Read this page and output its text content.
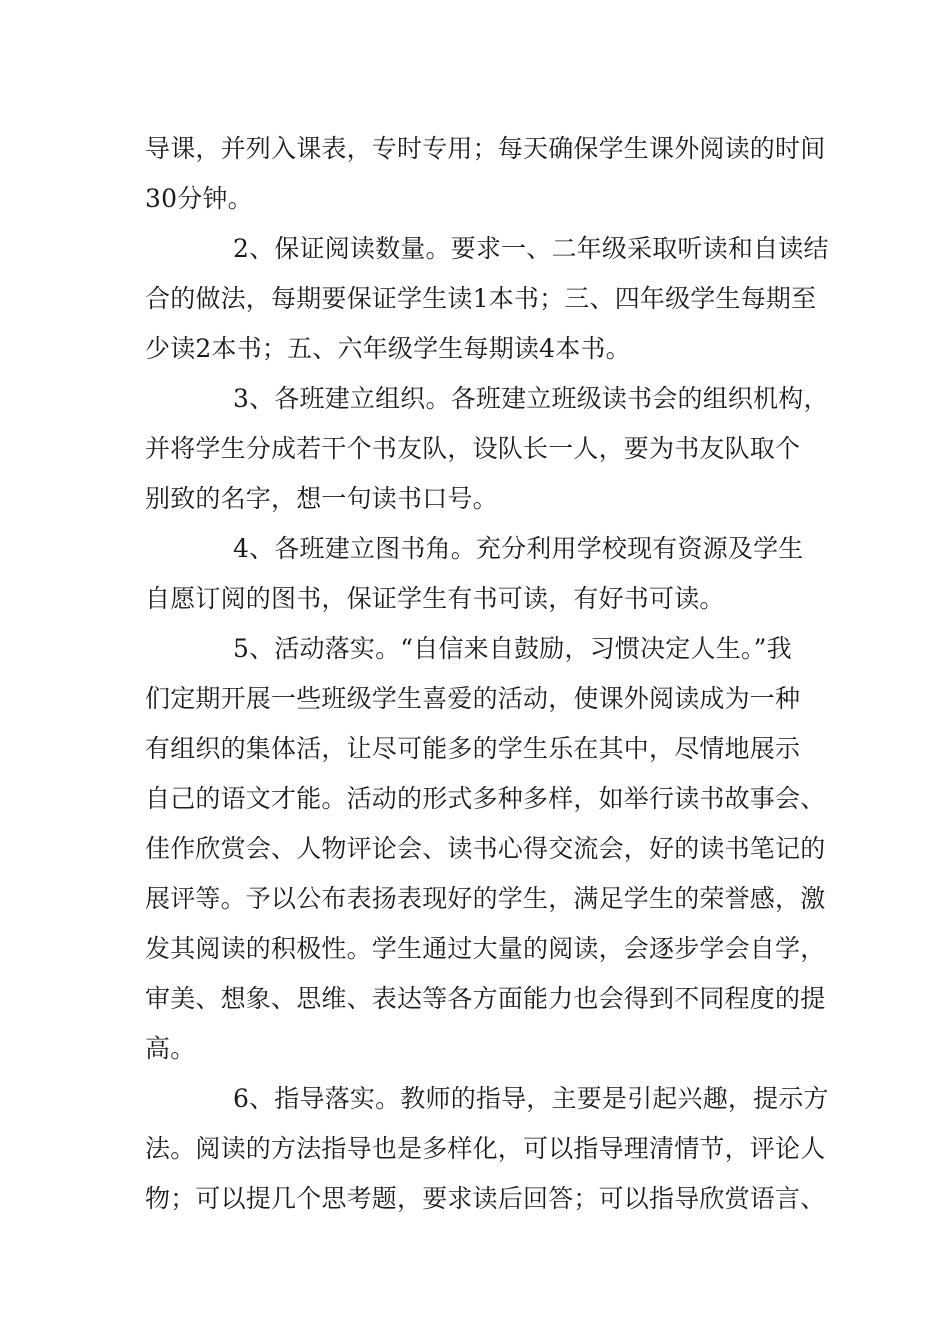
导课，并列入课表，专时专用；每天确保学生课外阅读的时间
30分钟。
2、保证阅读数量。要求一、二年级采取听读和自读结
合的做法，每期要保证学生读1本书；三、四年级学生每期至
少读2本书；五、六年级学生每期读4本书。
3、各班建立组织。各班建立班级读书会的组织机构，
并将学生分成若干个书友队，设队长一人，要为书友队取个
别致的名字，想一句读书口号。
4、各班建立图书角。充分利用学校现有资源及学生
自愿订阅的图书，保证学生有书可读，有好书可读。
5、活动落实。“自信来自鼓励，习惯决定人生。”我
们定期开展一些班级学生喜爱的活动，使课外阅读成为一种
有组织的集体活，让尽可能多的学生乐在其中，尽情地展示
自己的语文才能。活动的形式多种多样，如举行读书故事会、
佳作欣赏会、人物评论会、读书心得交流会，好的读书笔记的
展评等。予以公布表扬表现好的学生，满足学生的荣誉感，激
发其阅读的积极性。学生通过大量的阅读，会逐步学会自学，
审美、想象、思维、表达等各方面能力也会得到不同程度的提
高。
6、指导落实。教师的指导，主要是引起兴趣，提示方
法。阅读的方法指导也是多样化，可以指导理清情节，评论人
物；可以提几个思考题，要求读后回答；可以指导欣赏语言、
